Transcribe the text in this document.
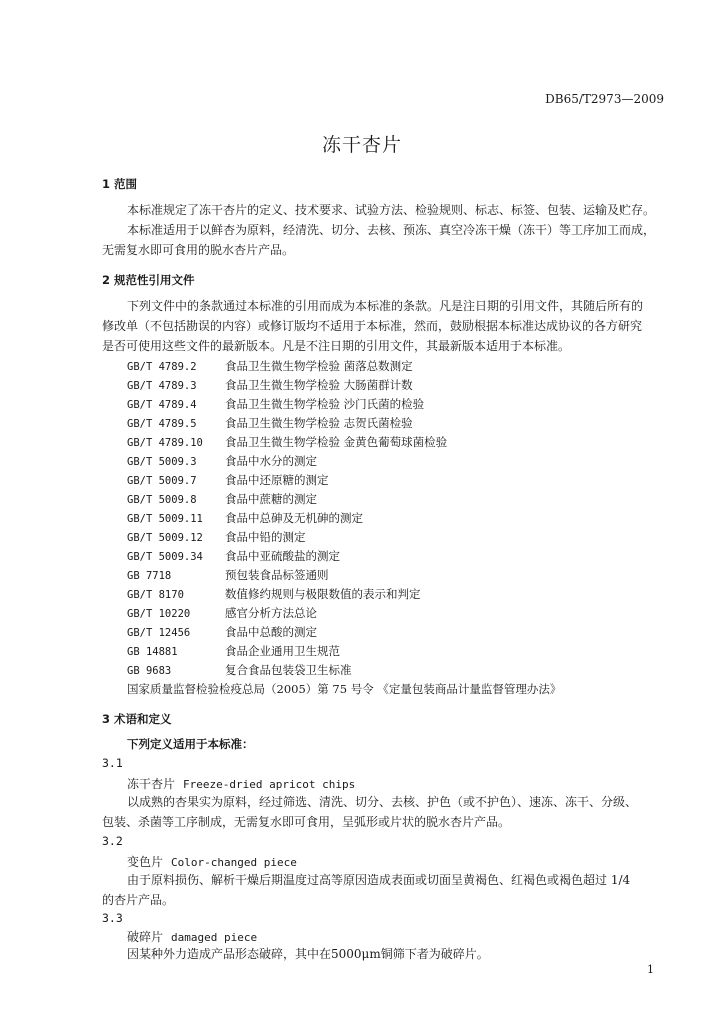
DB65/T2973—2009
冻干杏片
1 范围
本标准规定了冻干杏片的定义、技术要求、试验方法、检验规则、标志、标签、包装、运输及贮存。
本标准适用于以鲜杏为原料，经清洗、切分、去核、预冻、真空冷冻干燥（冻干）等工序加工而成，
无需复水即可食用的脱水杏片产品。
2 规范性引用文件
下列文件中的条款通过本标准的引用而成为本标准的条款。凡是注日期的引用文件，其随后所有的
修改单（不包括勘误的内容）或修订版均不适用于本标准，然而，鼓励根据本标准达成协议的各方研究
是否可使用这些文件的最新版本。凡是不注日期的引用文件，其最新版本适用于本标准。
GB/T 4789.2 食品卫生微生物学检验 菌落总数测定
GB/T 4789.3 食品卫生微生物学检验 大肠菌群计数
GB/T 4789.4 食品卫生微生物学检验 沙门氏菌的检验
GB/T 4789.5 食品卫生微生物学检验 志贺氏菌检验
GB/T 4789.10 食品卫生微生物学检验 金黄色葡萄球菌检验
GB/T 5009.3 食品中水分的测定
GB/T 5009.7 食品中还原糖的测定
GB/T 5009.8 食品中蔗糖的测定
GB/T 5009.11 食品中总砷及无机砷的测定
GB/T 5009.12 食品中铅的测定
GB/T 5009.34 食品中亚硫酸盐的测定
GB 7718	预包装食品标签通则
GB/T 8170	数值修约规则与极限数值的表示和判定
GB/T 10220	感官分析方法总论
GB/T 12456	食品中总酸的测定
GB 14881	食品企业通用卫生规范
GB 9683	复合食品包装袋卫生标准
国家质量监督检验检疫总局（2005）第 75 号令 《定量包装商品计量监督管理办法》
3 术语和定义
下列定义适用于本标准：
3.1
冻干杏片 Freeze-dried apricot chips
以成熟的杏果实为原料，经过筛选、清洗、切分、去核、护色（或不护色）、速冻、冻干、分级、
包装、杀菌等工序制成，无需复水即可食用，呈弧形或片状的脱水杏片产品。
3.2
变色片 Color-changed piece
由于原料损伤、解析干燥后期温度过高等原因造成表面或切面呈黄褐色、红褐色或褐色超过 1/4
的杏片产品。
3.3
破碎片 damaged piece
因某种外力造成产品形态破碎，其中在5000μm铜筛下者为破碎片。
1
